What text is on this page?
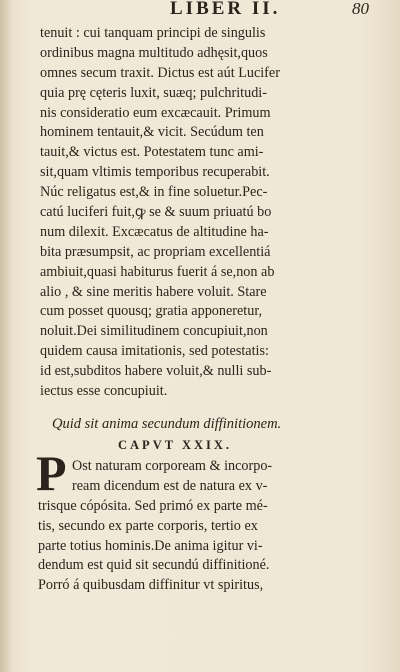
LIBER II.	80
tenuit : cui tanquam principi de singulis
ordinibus magna multitudo adhęsit,quos
omnes secum traxit. Dictus est aút Lucifer
quia prę cęteris luxit, suæq; pulchritudi-
nis consideratio eum excæcauit. Primum
hominem tentauit,& vicit. Secúdum ten
tauit,& victus est. Potestatem tunc ami-
sit,quam vltimis temporibus recuperabit.
Núc religatus est,& in fine soluetur.Pec-
catú luciferi fuit,ꝙ se & suum priuatú bo
num dilexit. Excæcatus de altitudine ha-
bita præsumpsit, ac propriam excellentiá
ambiuit,quasi habiturus fuerit á se,non ab
alio , & sine meritis habere voluit. Stare
cum posset quousq; gratia apponeretur,
noluit.Dei similitudinem concupiuit,non
quidem causa imitationis, sed potestatis:
id est,subditos habere voluit,& nulli sub-
iectus esse concupiuit.
Quid sit anima secundum diffinitionem.
CAPVT XXIX.
P Ost naturam corpoream & incorpo-
ream dicendum est de natura ex v-
trisque cópósita. Sed primó ex parte mé-
tis, secundo ex parte corporis, tertio ex
parte totius hominis.De anima igitur vi-
dendum est quid sit secundú diffinitioné.
Porró á quibusdam diffinitur vt spiritus,
